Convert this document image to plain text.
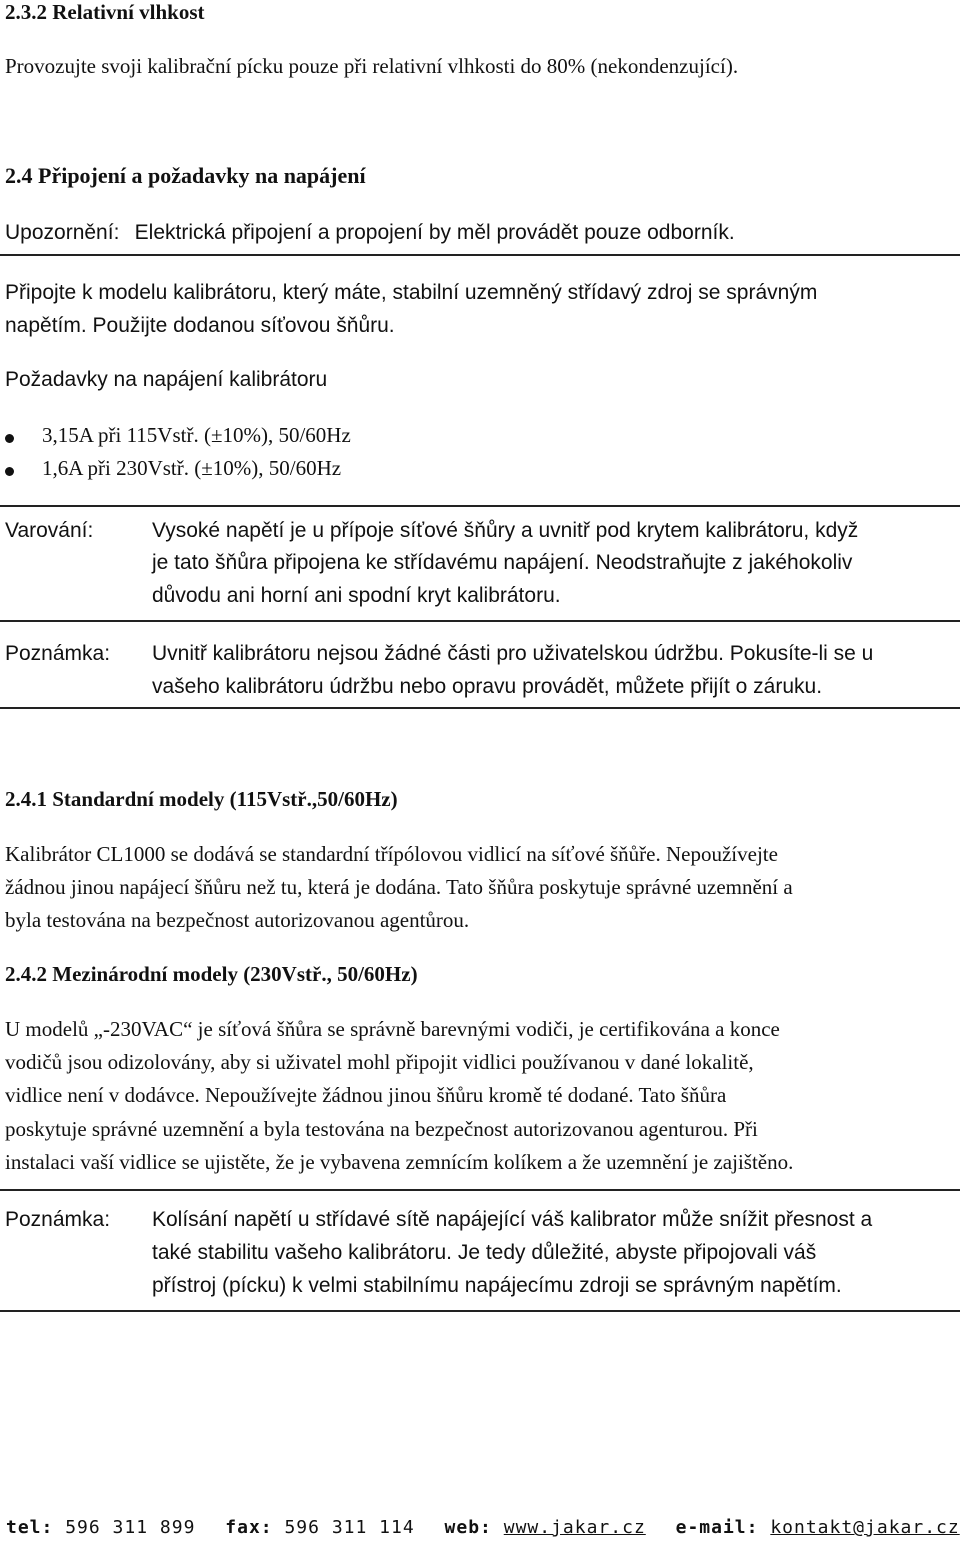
2.3.2 Relativní vlhkost
Provozujte svoji kalibrační pícku pouze při relativní vlhkosti do 80% (nekondenzující).
2.4 Připojení a požadavky na napájení
Upozornění: Elektrická připojení a propojení by měl provádět pouze odborník.
Připojte k modelu kalibrátoru, který máte, stabilní uzemněný střídavý zdroj se správným
napětím. Použijte dodanou síťovou šňůru.
Požadavky na napájení kalibrátoru
3,15A při 115Vstř. (±10%), 50/60Hz
1,6A při 230Vstř. (±10%), 50/60Hz
Varování:	Vysoké napětí je u přípoje síťové šňůry a uvnitř pod krytem kalibrátoru, když
je tato šňůra připojena ke střídavému napájení. Neodstraňujte z jakéhokoliv
důvodu ani horní ani spodní kryt kalibrátoru.
Poznámka: Uvnitř kalibrátoru nejsou žádné části pro uživatelskou údržbu. Pokusíte-li se u
vašeho kalibrátoru údržbu nebo opravu provádět, můžete přijít o záruku.
2.4.1 Standardní modely (115Vstř.,50/60Hz)
Kalibrátor CL1000 se dodává se standardní třípólovou vidlicí na síťové šňůře. Nepoužívejte
žádnou jinou napájecí šňůru než tu, která je dodána. Tato šňůra poskytuje správné uzemnění a
byla testována na bezpečnost autorizovanou agentůrou.
2.4.2 Mezinárodní modely (230Vstř., 50/60Hz)
U modelů „-230VAC“ je síťová šňůra se správně barevnými vodiči, je certifikována a konce
vodičů jsou odizolovány, aby si uživatel mohl připojit vidlici používanou v dané lokalitě,
vidlice není v dodávce. Nepoužívejte žádnou jinou šňůru kromě té dodané. Tato šňůra
poskytuje správné uzemnění a byla testována na bezpečnost autorizovanou agenturou. Při
instalaci vaší vidlice se ujistěte, že je vybavena zemnícím kolíkem a že uzemnění je zajištěno.
Poznámka: Kolísání napětí u střídavé sítě napájející váš kalibrator může snížit přesnost a
také stabilitu vašeho kalibrátoru. Je tedy důležité, abyste připojovali váš
přístroj (pícku) k velmi stabilnímu napájecímu zdroji se správným napětím.
tel: 596 311 899 fax: 596 311 114 web: www.jakar.cz e-mail: kontakt@jakar.cz
